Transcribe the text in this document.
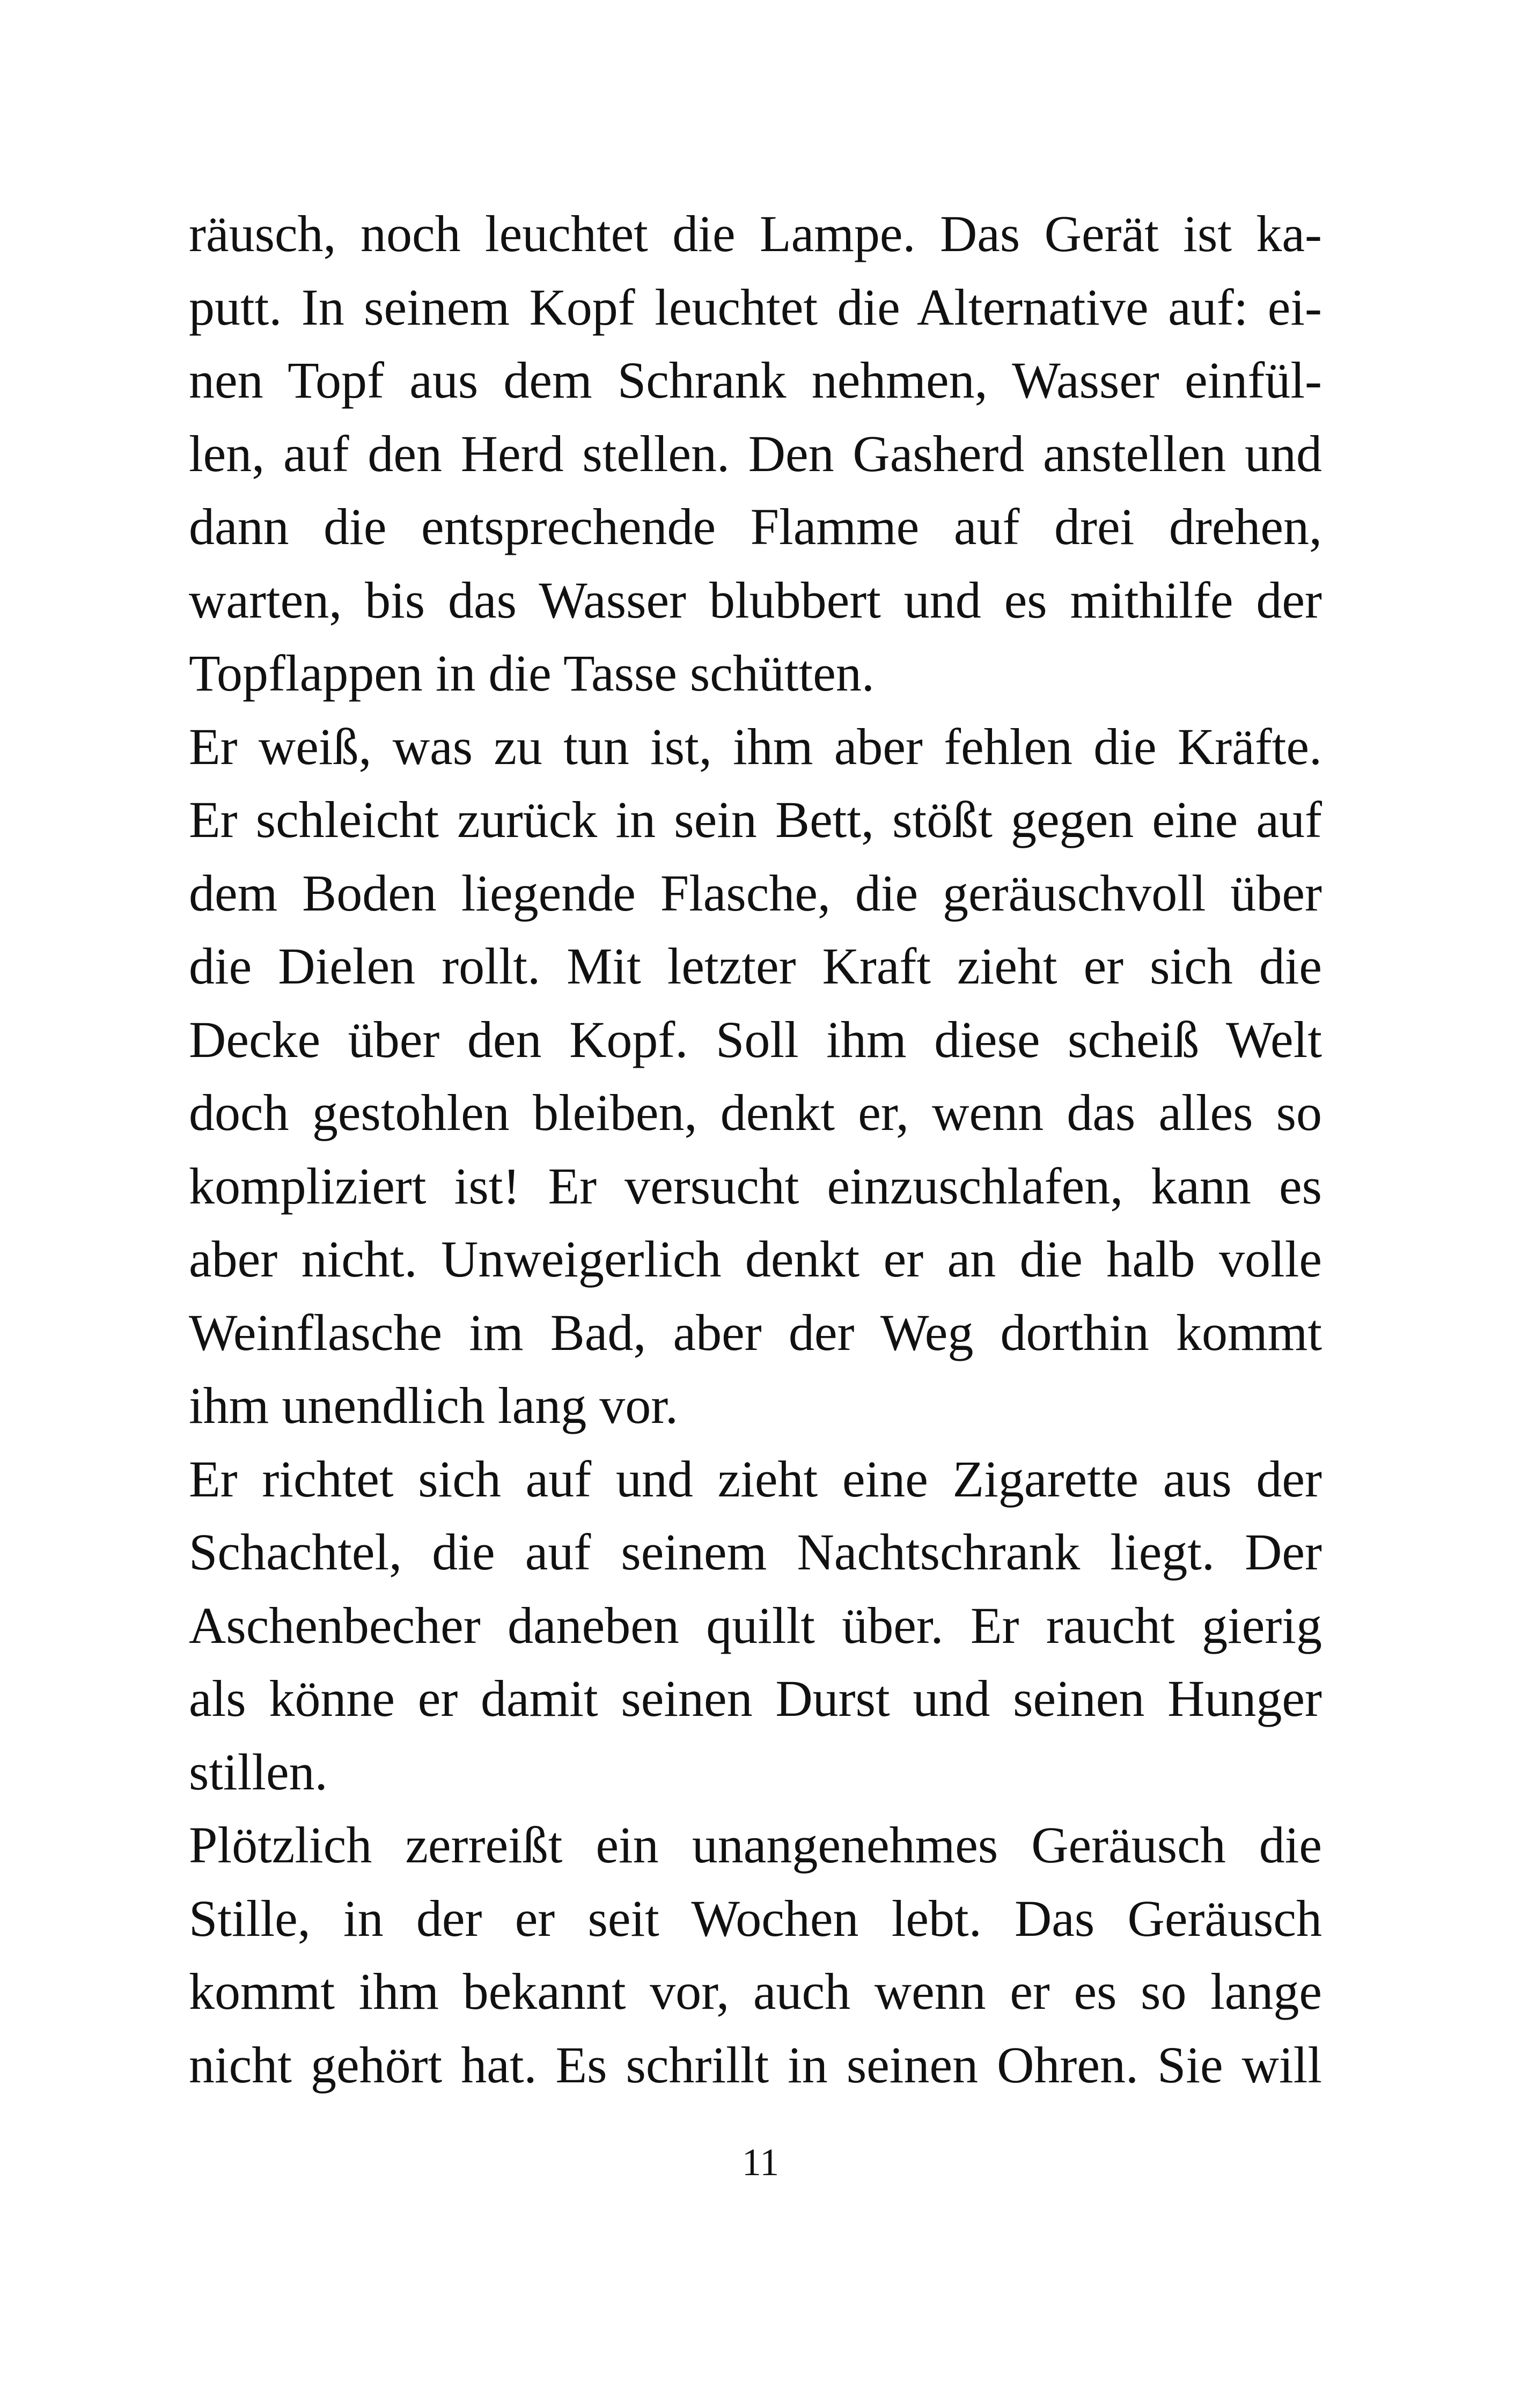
räusch, noch leuchtet die Lampe. Das Gerät ist ka-
putt. In seinem Kopf leuchtet die Alternative auf: ei-
nen Topf aus dem Schrank nehmen, Wasser einfül-
len, auf den Herd stellen. Den Gasherd anstellen und
dann die entsprechende Flamme auf drei drehen,
warten, bis das Wasser blubbert und es mithilfe der
Topflappen in die Tasse schütten.
Er weiß, was zu tun ist, ihm aber fehlen die Kräfte.
Er schleicht zurück in sein Bett, stößt gegen eine auf
dem Boden liegende Flasche, die geräuschvoll über
die Dielen rollt. Mit letzter Kraft zieht er sich die
Decke über den Kopf. Soll ihm diese scheiß Welt
doch gestohlen bleiben, denkt er, wenn das alles so
kompliziert ist! Er versucht einzuschlafen, kann es
aber nicht. Unweigerlich denkt er an die halb volle
Weinflasche im Bad, aber der Weg dorthin kommt
ihm unendlich lang vor.
Er richtet sich auf und zieht eine Zigarette aus der
Schachtel, die auf seinem Nachtschrank liegt. Der
Aschenbecher daneben quillt über. Er raucht gierig
als könne er damit seinen Durst und seinen Hunger
stillen.
Plötzlich zerreißt ein unangenehmes Geräusch die
Stille, in der er seit Wochen lebt. Das Geräusch
kommt ihm bekannt vor, auch wenn er es so lange
nicht gehört hat. Es schrillt in seinen Ohren. Sie will
11
